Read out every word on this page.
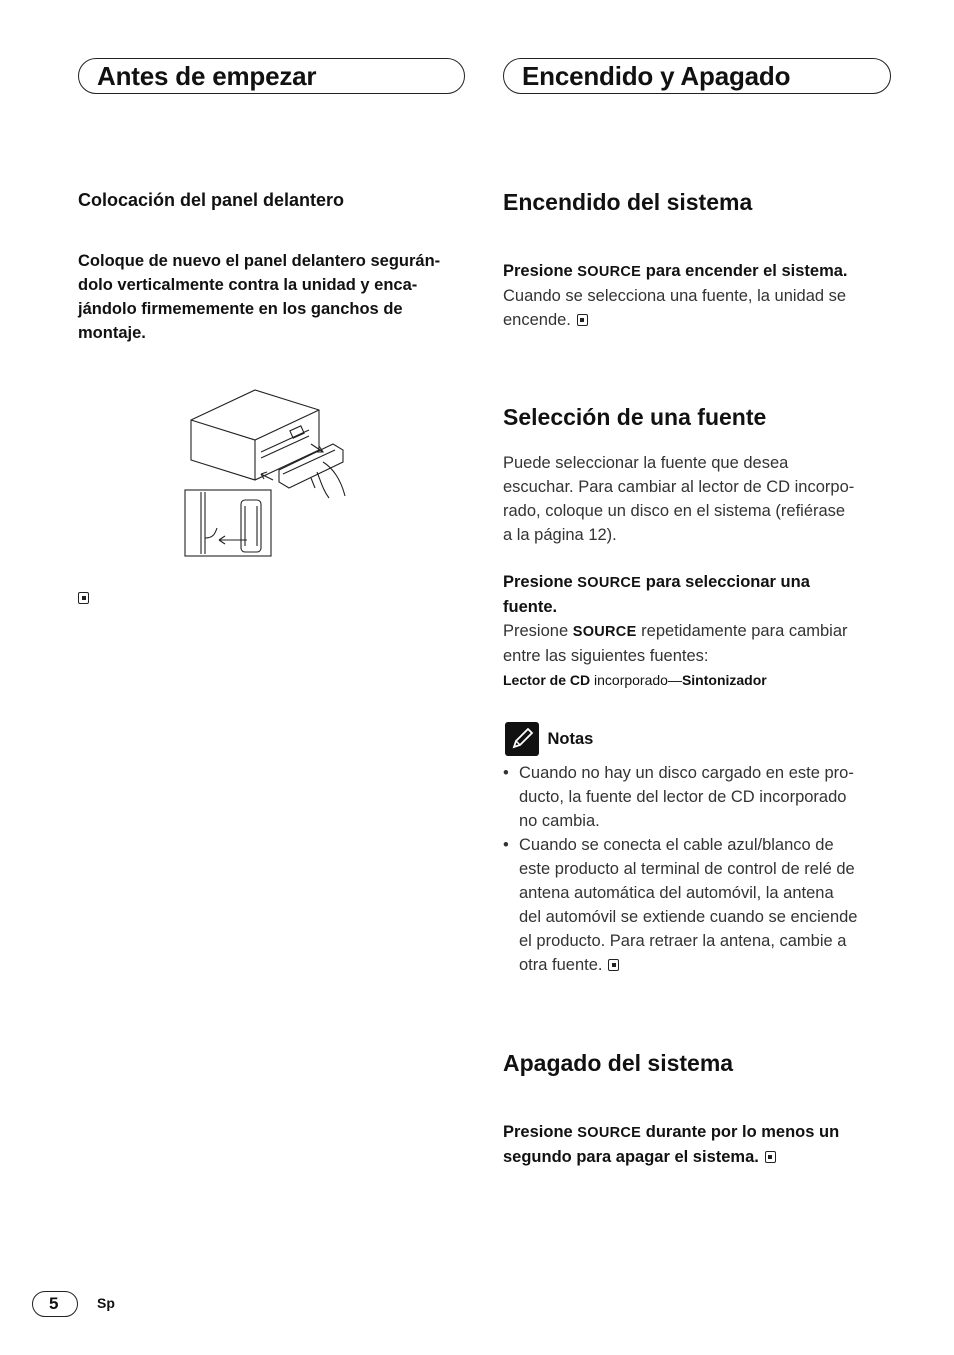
Antes de empezar	Encendido y Apagado
Colocación del panel delantero
Coloque de nuevo el panel delantero segurán-
dolo verticalmente contra la unidad y enca-
jándolo firmememente en los ganchos de
montaje.
Encendido del sistema
Presione SOURCE para encender el sistema.
Cuando se selecciona una fuente, la unidad se
encende.
Selección de una fuente
Puede seleccionar la fuente que desea
escuchar. Para cambiar al lector de CD incorpo-
rado, coloque un disco en el sistema (refiérase
a la página 12).
Presione SOURCE para seleccionar una
fuente.
Presione SOURCE repetidamente para cambiar
entre las siguientes fuentes:
Lector de CD incorporado—Sintonizador
Notas
• Cuando no hay un disco cargado en este pro-
ducto, la fuente del lector de CD incorporado
no cambia.
• Cuando se conecta el cable azul/blanco de
este producto al terminal de control de relé de
antena automática del automóvil, la antena
del automóvil se extiende cuando se enciende
el producto. Para retraer la antena, cambie a
otra fuente.
Apagado del sistema
Presione SOURCE durante por lo menos un
segundo para apagar el sistema.
5	Sp
